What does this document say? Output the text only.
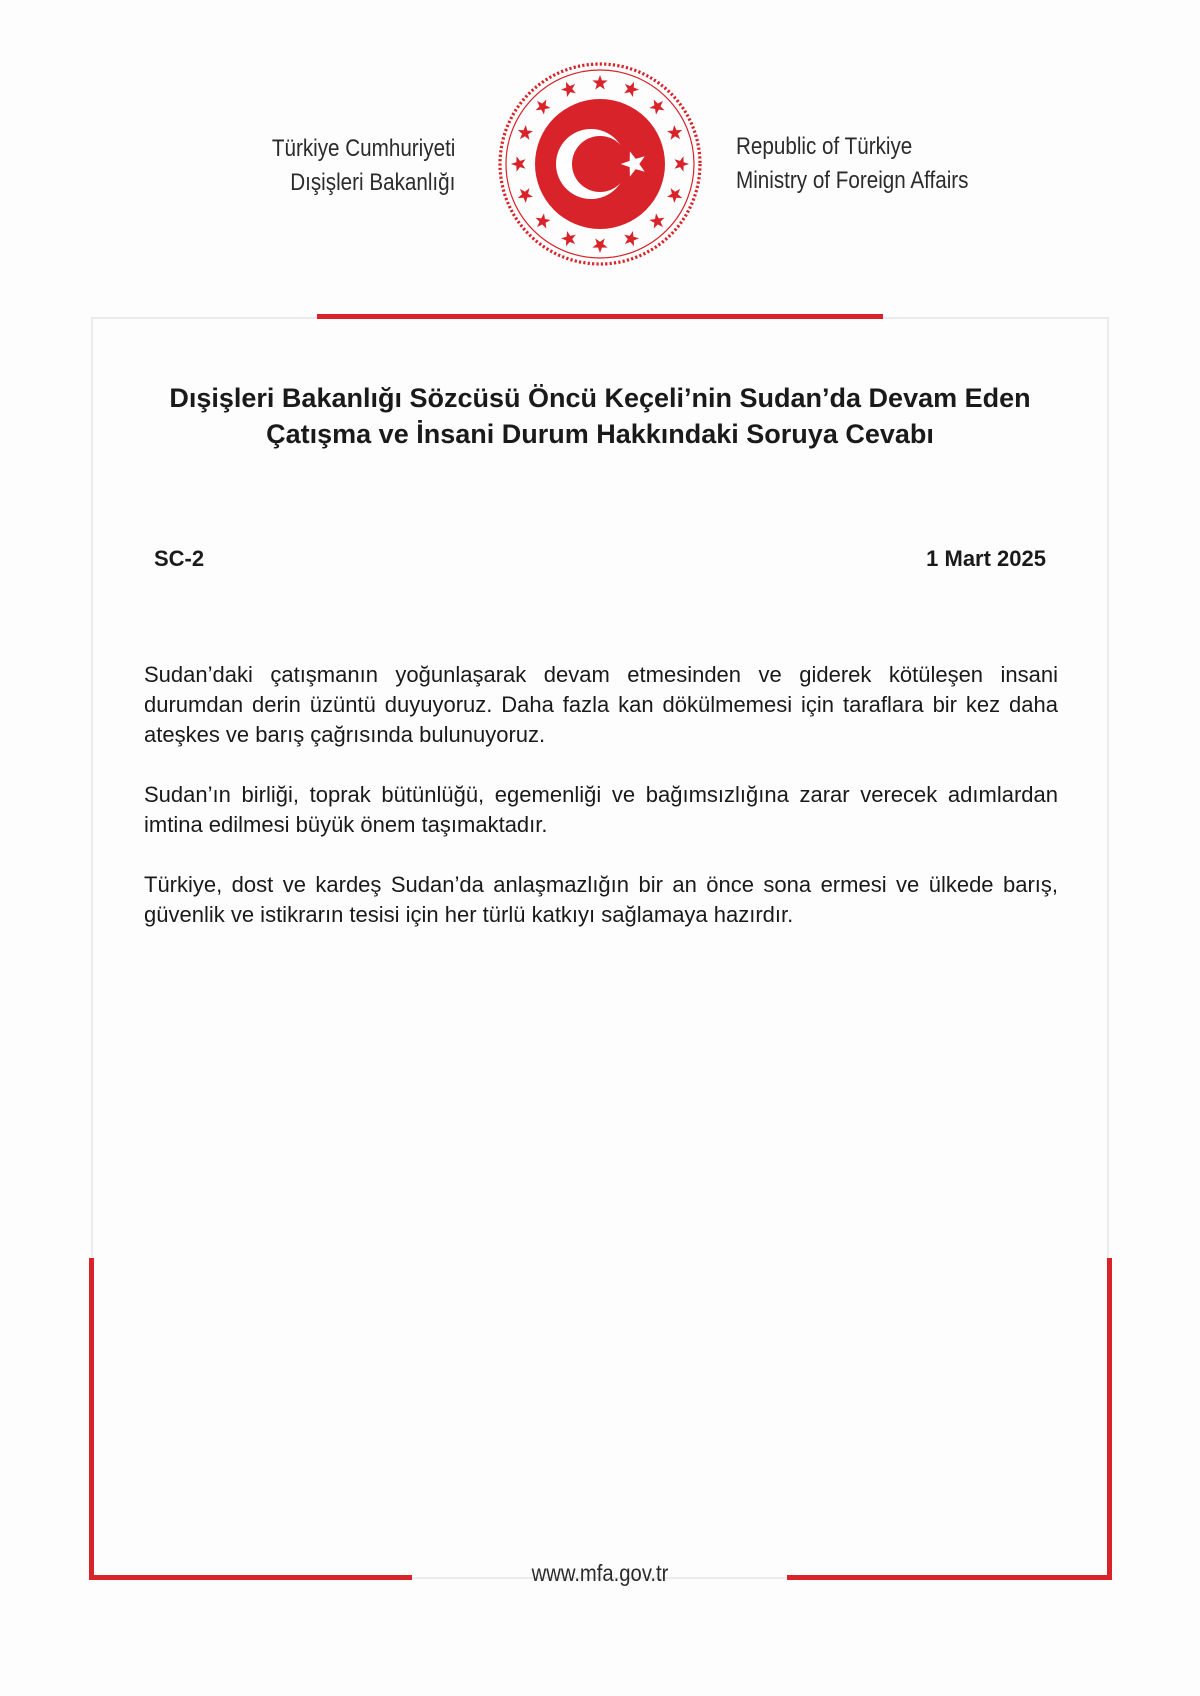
Türkiye Cumhuriyeti
Dışişleri Bakanlığı
Republic of Türkiye
Ministry of Foreign Affairs
Dışişleri Bakanlığı Sözcüsü Öncü Keçeli’nin Sudan’da Devam Eden
Çatışma ve İnsani Durum Hakkındaki Soruya Cevabı
SC-2	1 Mart 2025

Sudan’daki çatışmanın yoğunlaşarak devam etmesinden ve giderek kötüleşen insani durumdan derin üzüntü duyuyoruz. Daha fazla kan dökülmemesi için taraflara bir kez daha ateşkes ve barış çağrısında bulunuyoruz.

Sudan’ın birliği, toprak bütünlüğü, egemenliği ve bağımsızlığına zarar verecek adımlardan imtina edilmesi büyük önem taşımaktadır.

Türkiye, dost ve kardeş Sudan’da anlaşmazlığın bir an önce sona ermesi ve ülkede barış, güvenlik ve istikrarın tesisi için her türlü katkıyı sağlamaya hazırdır.

www.mfa.gov.tr
